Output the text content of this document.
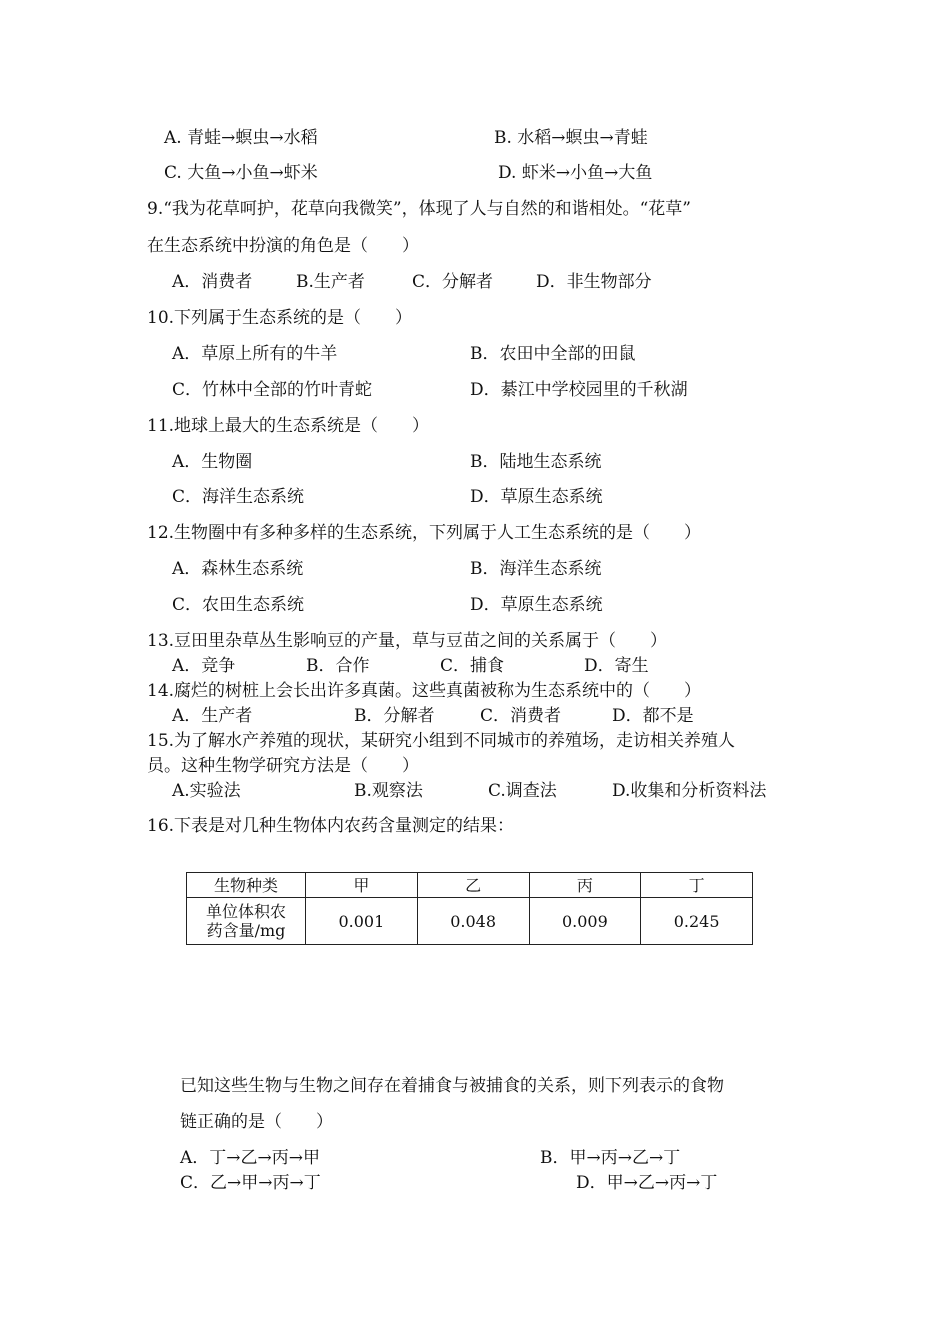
A. 青蛙→螟虫→水稻	B. 水稻→螟虫→青蛙
C. 大鱼→小鱼→虾米	D. 虾米→小鱼→大鱼
9.“我为花草呵护，花草向我微笑”，体现了人与自然的和谐相处。“花草”
在生态系统中扮演的角色是（　　）
A．消费者	B.生产者	C．分解者	D．非生物部分
10.下列属于生态系统的是（　　）
A．草原上所有的牛羊	B．农田中全部的田鼠
C．竹林中全部的竹叶青蛇	D．綦江中学校园里的千秋湖
11.地球上最大的生态系统是（　　）
A．生物圈	B．陆地生态系统
C．海洋生态系统	D．草原生态系统
12.生物圈中有多种多样的生态系统，下列属于人工生态系统的是（　　）
A．森林生态系统	B．海洋生态系统
C．农田生态系统	D．草原生态系统
13.豆田里杂草丛生影响豆的产量，草与豆苗之间的关系属于（　　）
A．竞争	B．合作	C．捕食	D．寄生
14.腐烂的树桩上会长出许多真菌。这些真菌被称为生态系统中的（　　）
A．生产者	B．分解者	C．消费者	D．都不是
15.为了解水产养殖的现状，某研究小组到不同城市的养殖场，走访相关养殖人
员。这种生物学研究方法是（　　）
A.实验法	B.观察法	C.调查法	D.收集和分析资料法
16.下表是对几种生物体内农药含量测定的结果：
生物种类	甲	乙	丙	丁
单位体积农
药含量/mg	0.001	0.048	0.009	0.245
已知这些生物与生物之间存在着捕食与被捕食的关系，则下列表示的食物
链正确的是（　　）
A．丁→乙→丙→甲	B．甲→丙→乙→丁
C．乙→甲→丙→丁	D．甲→乙→丙→丁
